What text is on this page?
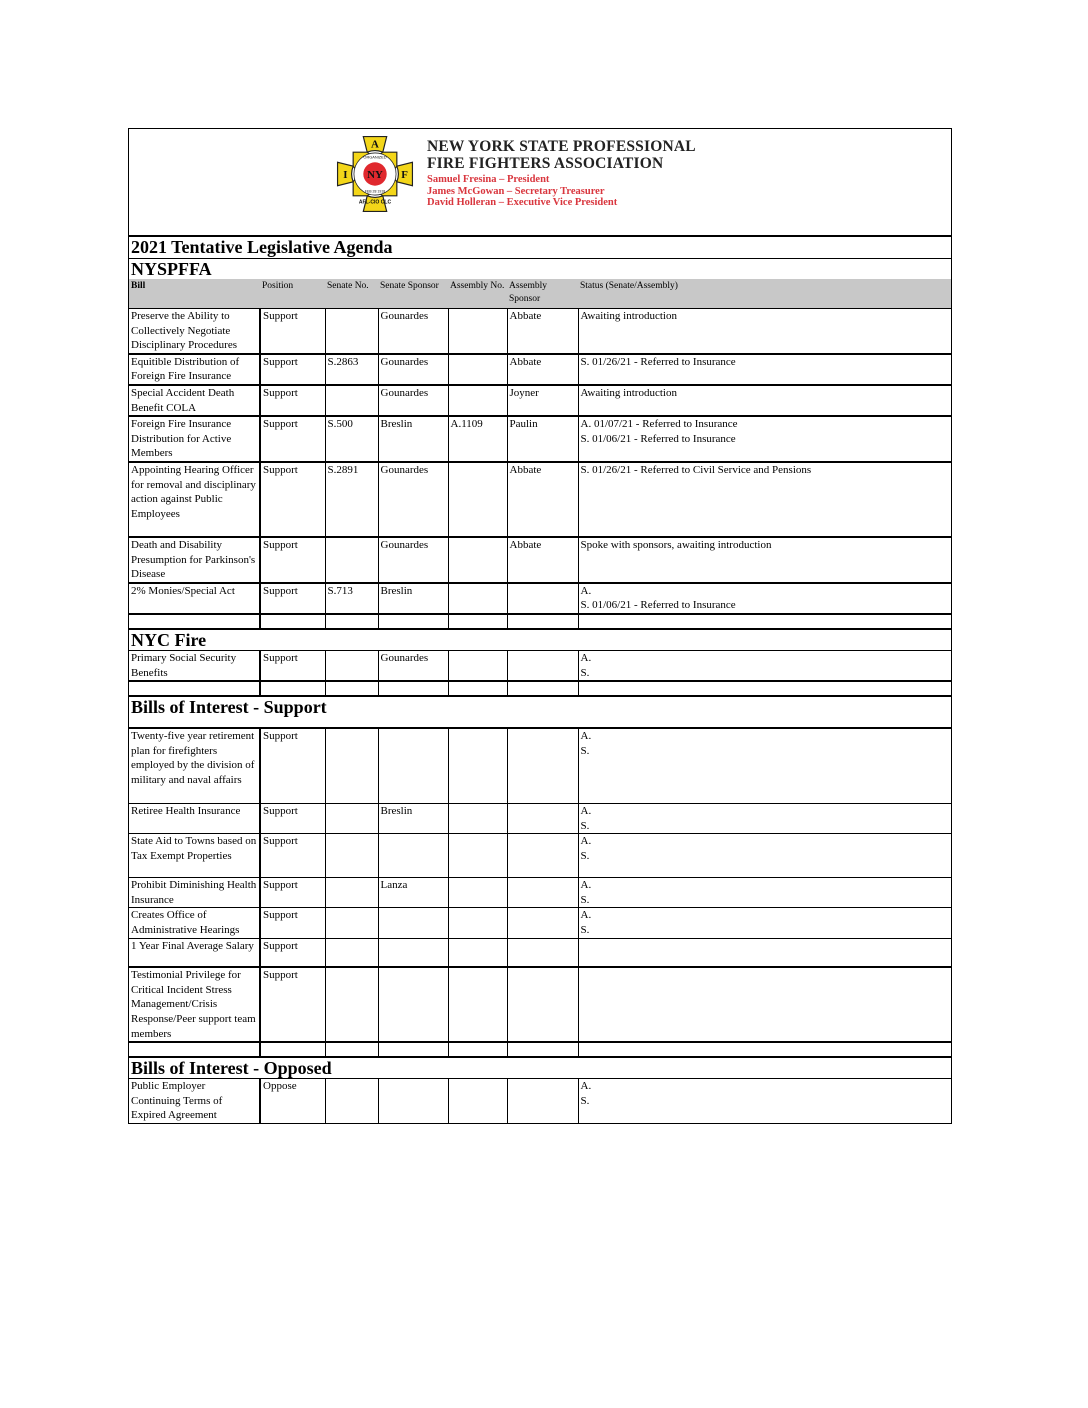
NY
ORGANIZED
FEB 28 1918
A
I	F
AFL-CIO CLC
NEW YORK STATE PROFESSIONAL
FIRE FIGHTERS ASSOCIATION
Samuel Fresina – President
James McGowan – Secretary Treasurer
David Holleran – Executive Vice President
2021 Tentative Legislative Agenda
NYSPFFA
Bill	Position	Senate No.	Senate Sponsor	Assembly No.	Assembly Sponsor	Status (Senate/Assembly)
Preserve the Ability to Collectively Negotiate Disciplinary Procedures	Support		Gounardes		Abbate	Awaiting introduction

Equitible Distribution of Foreign Fire Insurance	Support	S.2863	Gounardes		Abbate	S. 01/26/21 - Referred to Insurance

Special Accident Death Benefit COLA	Support		Gounardes		Joyner	Awaiting introduction

Foreign Fire Insurance Distribution for Active Members	Support	S.500	Breslin	A.1109	Paulin	A. 01/07/21 - Referred to Insurance
S. 01/06/21 - Referred to Insurance

Appointing Hearing Officer for removal and disciplinary action against Public Employees	Support	S.2891	Gounardes		Abbate	S. 01/26/21 - Referred to Civil Service and Pensions

Death and Disability Presumption for Parkinson's Disease	Support		Gounardes		Abbate	Spoke with sponsors, awaiting introduction

2% Monies/Special Act	Support	S.713	Breslin			A.
S. 01/06/21 - Referred to Insurance

NYC Fire
Primary Social Security Benefits	Support		Gounardes			A.
S.

Bills of Interest - Support
Twenty-five year retirement plan for firefighters employed by the division of military and naval affairs	Support					A.
S.

Retiree Health Insurance	Support		Breslin			A.
S.

State Aid to Towns based on Tax Exempt Properties	Support					A.
S.

Prohibit Diminishing Health Insurance	Support		Lanza			A.
S.

Creates Office of Administrative Hearings	Support					A.
S.

1 Year Final Average Salary	Support					
Testimonial Privilege for Critical Incident Stress Management/Crisis Response/Peer support team members	Support					

Bills of Interest - Opposed
Public Employer Continuing Terms of Expired Agreement	Oppose					A.
S.
